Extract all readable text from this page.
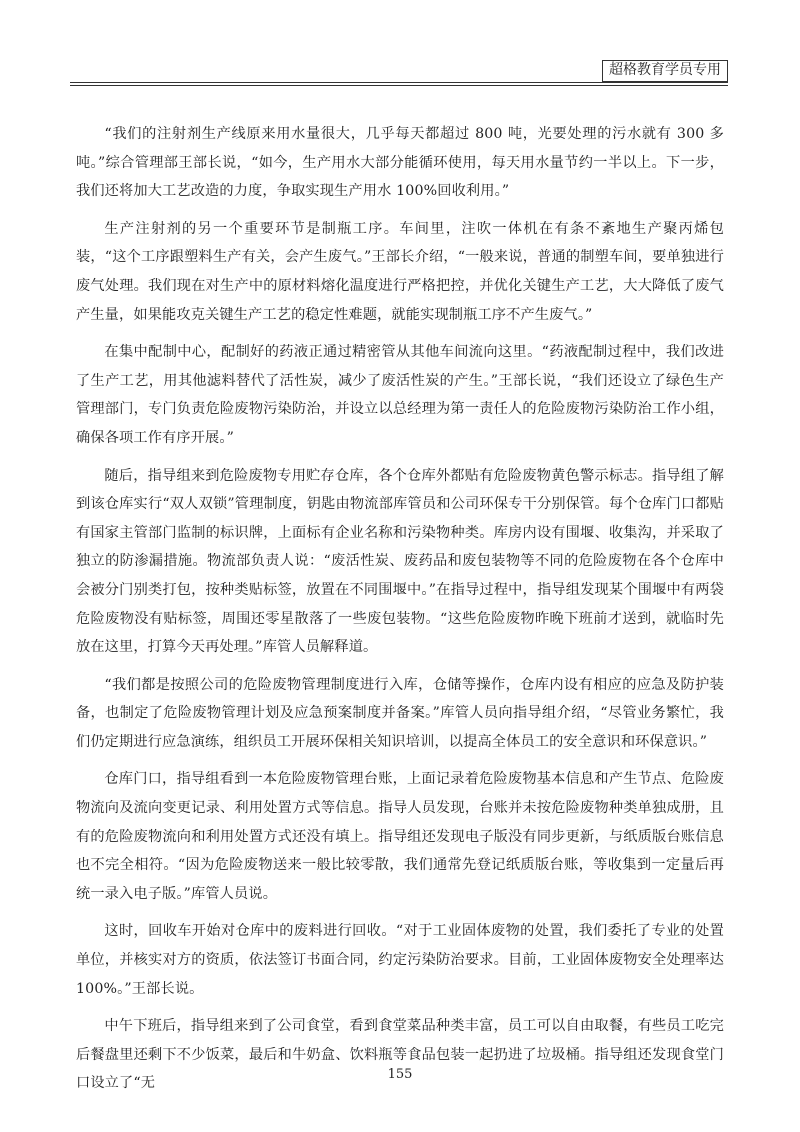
超格教育学员专用

“我们的注射剂生产线原来用水量很大，几乎每天都超过 800 吨，光要处理的污水就有 300 多吨。”综合管理部王部长说，“如今，生产用水大部分能循环使用，每天用水量节约一半以上。下一步，我们还将加大工艺改造的力度，争取实现生产用水 100%回收利用。”

生产注射剂的另一个重要环节是制瓶工序。车间里，注吹一体机在有条不紊地生产聚丙烯包装，“这个工序跟塑料生产有关，会产生废气。”王部长介绍，“一般来说，普通的制塑车间，要单独进行废气处理。我们现在对生产中的原材料熔化温度进行严格把控，并优化关键生产工艺，大大降低了废气产生量，如果能攻克关键生产工艺的稳定性难题，就能实现制瓶工序不产生废气。”

在集中配制中心，配制好的药液正通过精密管从其他车间流向这里。“药液配制过程中，我们改进了生产工艺，用其他滤料替代了活性炭，减少了废活性炭的产生。”王部长说，“我们还设立了绿色生产管理部门，专门负责危险废物污染防治，并设立以总经理为第一责任人的危险废物污染防治工作小组，确保各项工作有序开展。”

随后，指导组来到危险废物专用贮存仓库，各个仓库外都贴有危险废物黄色警示标志。指导组了解到该仓库实行“双人双锁”管理制度，钥匙由物流部库管员和公司环保专干分别保管。每个仓库门口都贴有国家主管部门监制的标识牌，上面标有企业名称和污染物种类。库房内设有围堰、收集沟，并采取了独立的防渗漏措施。物流部负责人说：“废活性炭、废药品和废包装物等不同的危险废物在各个仓库中会被分门别类打包，按种类贴标签，放置在不同围堰中。”在指导过程中，指导组发现某个围堰中有两袋危险废物没有贴标签，周围还零星散落了一些废包装物。“这些危险废物昨晚下班前才送到，就临时先放在这里，打算今天再处理。”库管人员解释道。

“我们都是按照公司的危险废物管理制度进行入库，仓储等操作，仓库内设有相应的应急及防护装备，也制定了危险废物管理计划及应急预案制度并备案。”库管人员向指导组介绍，“尽管业务繁忙，我们仍定期进行应急演练，组织员工开展环保相关知识培训，以提高全体员工的安全意识和环保意识。”

仓库门口，指导组看到一本危险废物管理台账，上面记录着危险废物基本信息和产生节点、危险废物流向及流向变更记录、利用处置方式等信息。指导人员发现，台账并未按危险废物种类单独成册，且有的危险废物流向和利用处置方式还没有填上。指导组还发现电子版没有同步更新，与纸质版台账信息也不完全相符。“因为危险废物送来一般比较零散，我们通常先登记纸质版台账，等收集到一定量后再统一录入电子版。”库管人员说。

这时，回收车开始对仓库中的废料进行回收。“对于工业固体废物的处置，我们委托了专业的处置单位，并核实对方的资质，依法签订书面合同，约定污染防治要求。目前，工业固体废物安全处理率达 100%。”王部长说。

中午下班后，指导组来到了公司食堂，看到食堂菜品种类丰富，员工可以自由取餐，有些员工吃完后餐盘里还剩下不少饭菜，最后和牛奶盒、饮料瓶等食品包装一起扔进了垃圾桶。指导组还发现食堂门口设立了“无

155
